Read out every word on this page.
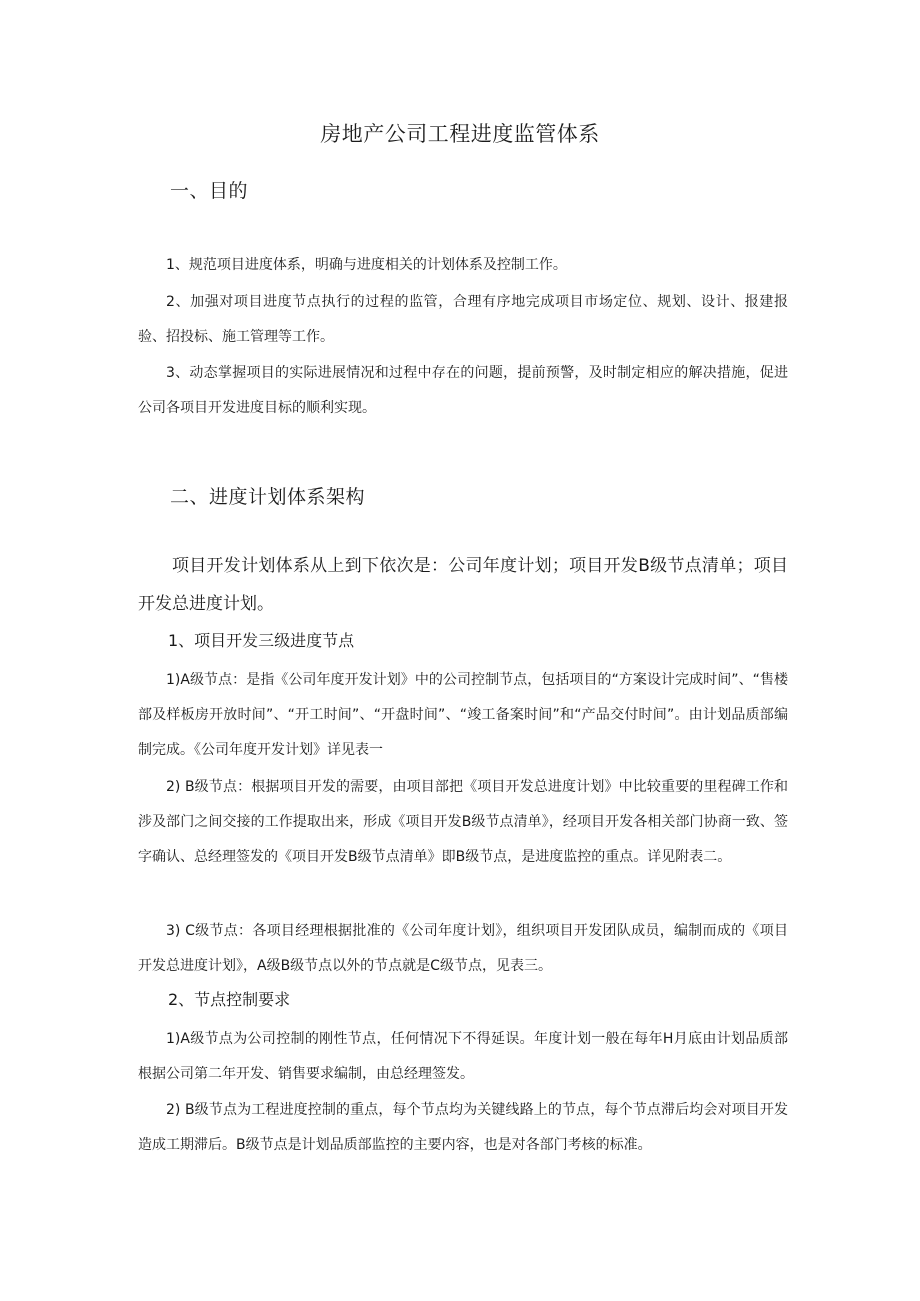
房地产公司工程进度监管体系
一、目的

1、规范项目进度体系，明确与进度相关的计划体系及控制工作。

2、加强对项目进度节点执行的过程的监管，合理有序地完成项目市场定位、规划、设计、报建报验、招投标、施工管理等工作。

3、动态掌握项目的实际进展情况和过程中存在的问题，提前预警，及时制定相应的解决措施，促进公司各项目开发进度目标的顺利实现。

二、进度计划体系架构

项目开发计划体系从上到下依次是：公司年度计划；项目开发B级节点清单；项目开发总进度计划。

1、项目开发三级进度节点

1)A级节点：是指《公司年度开发计划》中的公司控制节点，包括项目的“方案设计完成时间”、“售楼部及样板房开放时间”、“开工时间”、“开盘时间”、“竣工备案时间”和“产品交付时间”。由计划品质部编制完成。《公司年度开发计划》详见表一

2) B级节点：根据项目开发的需要，由项目部把《项目开发总进度计划》中比较重要的里程碑工作和涉及部门之间交接的工作提取出来，形成《项目开发B级节点清单》，经项目开发各相关部门协商一致、签字确认、总经理签发的《项目开发B级节点清单》即B级节点，是进度监控的重点。详见附表二。

3) C级节点：各项目经理根据批准的《公司年度计划》，组织项目开发团队成员，编制而成的《项目开发总进度计划》，A级B级节点以外的节点就是C级节点，见表三。

2、节点控制要求

1)A级节点为公司控制的刚性节点，任何情况下不得延误。年度计划一般在每年H月底由计划品质部根据公司第二年开发、销售要求编制，由总经理签发。

2) B级节点为工程进度控制的重点，每个节点均为关键线路上的节点，每个节点滞后均会对项目开发造成工期滞后。B级节点是计划品质部监控的主要内容，也是对各部门考核的标准。
